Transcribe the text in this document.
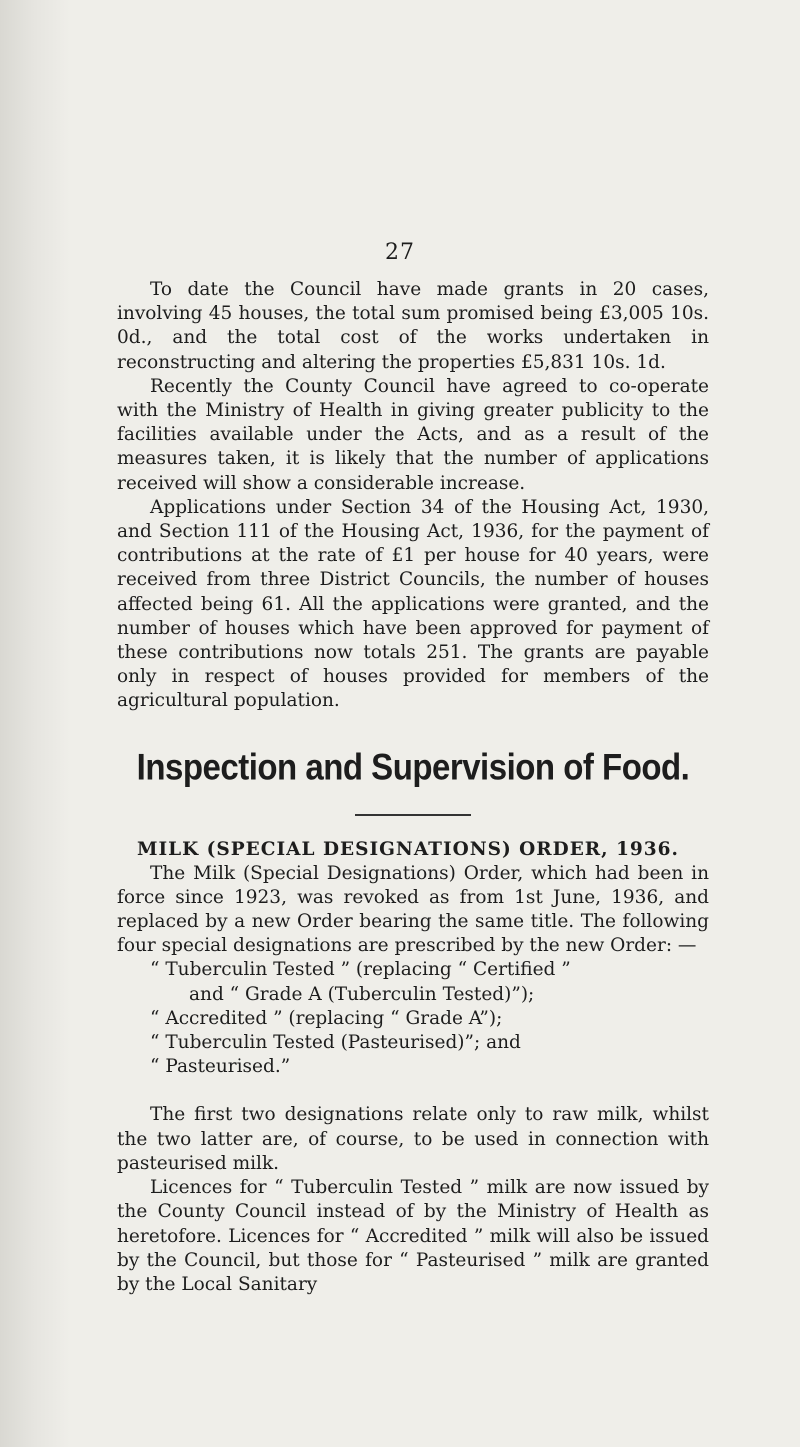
27

To date the Council have made grants in 20 cases, involving 45 houses, the total sum promised being £3,005 10s. 0d., and the total cost of the works undertaken in reconstructing and altering the properties £5,831 10s. 1d.

Recently the County Council have agreed to co-operate with the Ministry of Health in giving greater publicity to the facilities available under the Acts, and as a result of the measures taken, it is likely that the number of applications received will show a considerable increase.

Applications under Section 34 of the Housing Act, 1930, and Section 111 of the Housing Act, 1936, for the payment of contributions at the rate of £1 per house for 40 years, were received from three District Councils, the number of houses affected being 61. All the applications were granted, and the number of houses which have been approved for payment of these contributions now totals 251. The grants are payable only in respect of houses provided for members of the agricultural population.

Inspection and Supervision of Food.
MILK (SPECIAL DESIGNATIONS) ORDER, 1936.

The Milk (Special Designations) Order, which had been in force since 1923, was revoked as from 1st June, 1936, and replaced by a new Order bearing the same title. The following four special designations are prescribed by the new Order: —

“ Tuberculin Tested ” (replacing “ Certified ”
and “ Grade A (Tuberculin Tested)”);
“ Accredited ” (replacing “ Grade A”);
“ Tuberculin Tested (Pasteurised)”; and
“ Pasteurised.”

The first two designations relate only to raw milk, whilst the two latter are, of course, to be used in connection with pasteurised milk.

Licences for “ Tuberculin Tested ” milk are now issued by the County Council instead of by the Ministry of Health as heretofore. Licences for “ Accredited ” milk will also be issued by the Council, but those for “ Pasteurised ” milk are granted by the Local Sanitary
